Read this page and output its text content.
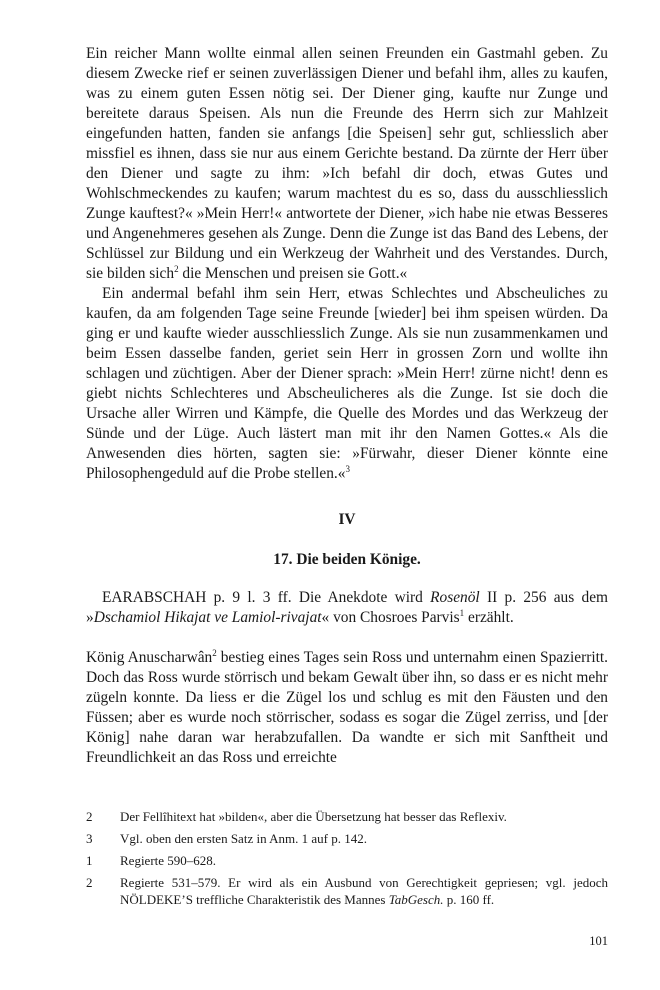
Ein reicher Mann wollte einmal allen seinen Freunden ein Gastmahl geben. Zu diesem Zwecke rief er seinen zuverlässigen Diener und befahl ihm, alles zu kaufen, was zu einem guten Essen nötig sei. Der Diener ging, kaufte nur Zunge und bereitete daraus Speisen. Als nun die Freunde des Herrn sich zur Mahlzeit eingefunden hatten, fanden sie anfangs [die Speisen] sehr gut, schliesslich aber missfiel es ihnen, dass sie nur aus einem Gerichte bestand. Da zürnte der Herr über den Diener und sagte zu ihm: »Ich befahl dir doch, etwas Gutes und Wohlschmeckendes zu kaufen; warum machtest du es so, dass du ausschliesslich Zunge kauftest?« »Mein Herr!« antwortete der Diener, »ich habe nie etwas Besseres und Angenehmeres gesehen als Zunge. Denn die Zunge ist das Band des Lebens, der Schlüssel zur Bildung und ein Werkzeug der Wahrheit und des Verstandes. Durch, sie bilden sich$^2$ die Menschen und preisen sie Gott.«

Ein andermal befahl ihm sein Herr, etwas Schlechtes und Abscheuliches zu kaufen, da am folgenden Tage seine Freunde [wieder] bei ihm speisen würden. Da ging er und kaufte wieder ausschliesslich Zunge. Als sie nun zusammenkamen und beim Essen dasselbe fanden, geriet sein Herr in grossen Zorn und wollte ihn schlagen und züchtigen. Aber der Diener sprach: »Mein Herr! zürne nicht! denn es giebt nichts Schlechteres und Abscheulicheres als die Zunge. Ist sie doch die Ursache aller Wirren und Kämpfe, die Quelle des Mordes und das Werkzeug der Sünde und der Lüge. Auch lästert man mit ihr den Namen Gottes.« Als die Anwesenden dies hörten, sagten sie: »Fürwahr, dieser Diener könnte eine Philosophengeduld auf die Probe stellen.«$^3$

IV
17. Die beiden Könige.

EARABSCHAH p. 9 l. 3 ff. Die Anekdote wird Rosenöl II p. 256 aus dem »Dschamiol Hikajat ve Lamiol-rivajat« von Chosroes Parvis$^1$ erzählt.

König Anuscharwân$^2$ bestieg eines Tages sein Ross und unternahm einen Spazierritt. Doch das Ross wurde störrisch und bekam Gewalt über ihn, so dass er es nicht mehr zügeln konnte. Da liess er die Zügel los und schlug es mit den Fäusten und den Füssen; aber es wurde noch störrischer, sodass es sogar die Zügel zerriss, und [der König] nahe daran war herabzufallen. Da wandte er sich mit Sanftheit und Freundlichkeit an das Ross und erreichte

2	Der Fellîhitext hat »bilden«, aber die Übersetzung hat besser das Reflexiv.
3	Vgl. oben den ersten Satz in Anm. 1 auf p. 142.
1	Regierte 590–628.
2	Regierte 531–579. Er wird als ein Ausbund von Gerechtigkeit gepriesen; vgl. jedoch NÖLDEKE’S treffliche Charakteristik des Mannes TabGesch. p. 160 ff.
101
